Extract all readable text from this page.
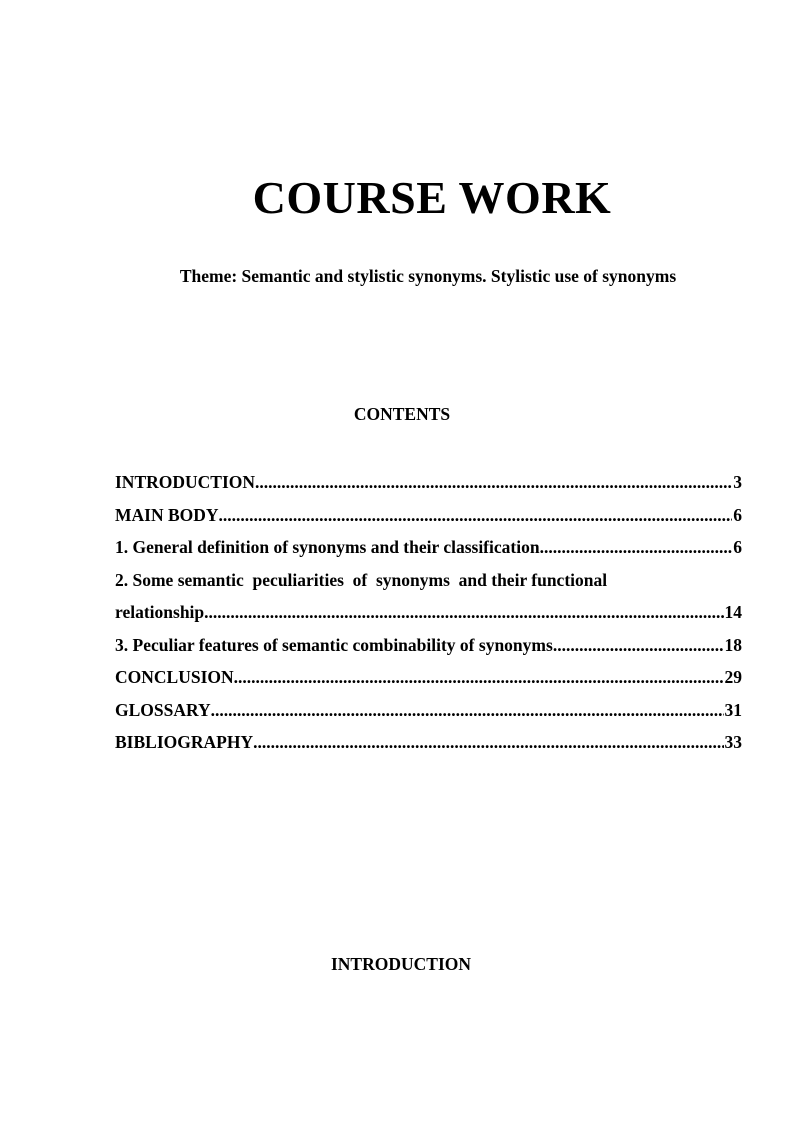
COURSE WORK
Theme: Semantic and stylistic synonyms. Stylistic use of synonyms
CONTENTS
INTRODUCTION .....	3
MAIN BODY .....	6
1. General definition of synonyms and their classification .....	6
2. Some semantic  peculiarities  of  synonyms  and their functional
relationship .....	14
3. Peculiar features of semantic combinability of synonyms .....	18
CONCLUSION .....	29
GLOSSARY .....	31
BIBLIOGRAPHY .....	33
INTRODUCTION
